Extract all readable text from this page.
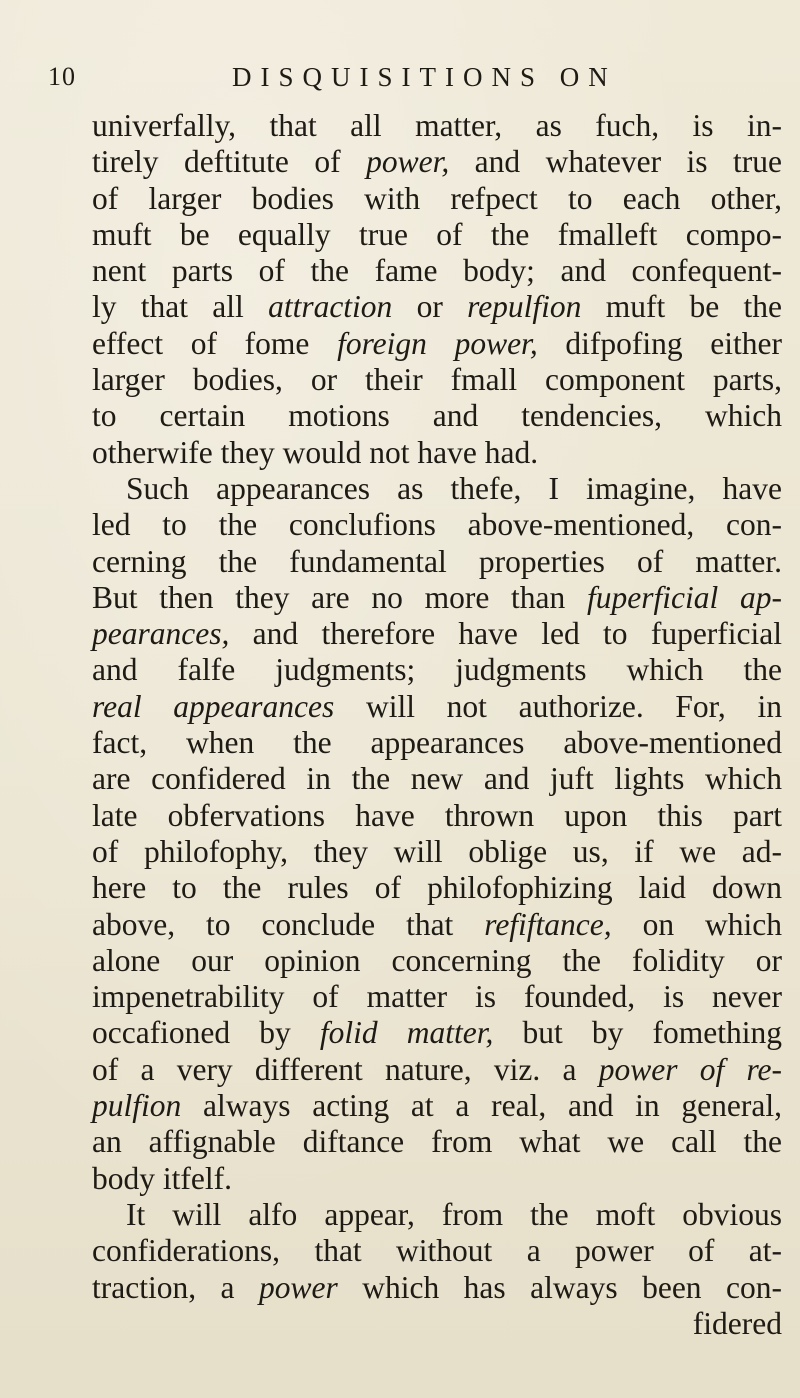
10	DISQUISITIONS ON
univerfally, that all matter, as fuch, is in-
tirely deftitute of power, and whatever is true
of larger bodies with refpect to each other,
muft be equally true of the fmalleft compo-
nent parts of the fame body; and confequent-
ly that all attraction or repulfion muft be the
effect of fome foreign power, difpofing either
larger bodies, or their fmall component parts,
to certain motions and tendencies, which
otherwife they would not have had.
Such appearances as thefe, I imagine, have
led to the conclufions above-mentioned, con-
cerning the fundamental properties of matter.
But then they are no more than fuperficial ap-
pearances, and therefore have led to fuperficial
and falfe judgments; judgments which the
real appearances will not authorize. For, in
fact, when the appearances above-mentioned
are confidered in the new and juft lights which
late obfervations have thrown upon this part
of philofophy, they will oblige us, if we ad-
here to the rules of philofophizing laid down
above, to conclude that refiftance, on which
alone our opinion concerning the folidity or
impenetrability of matter is founded, is never
occafioned by folid matter, but by fomething
of a very different nature, viz. a power of re-
pulfion always acting at a real, and in general,
an affignable diftance from what we call the
body itfelf.
It will alfo appear, from the moft obvious
confiderations, that without a power of at-
traction, a power which has always been con-
fidered
